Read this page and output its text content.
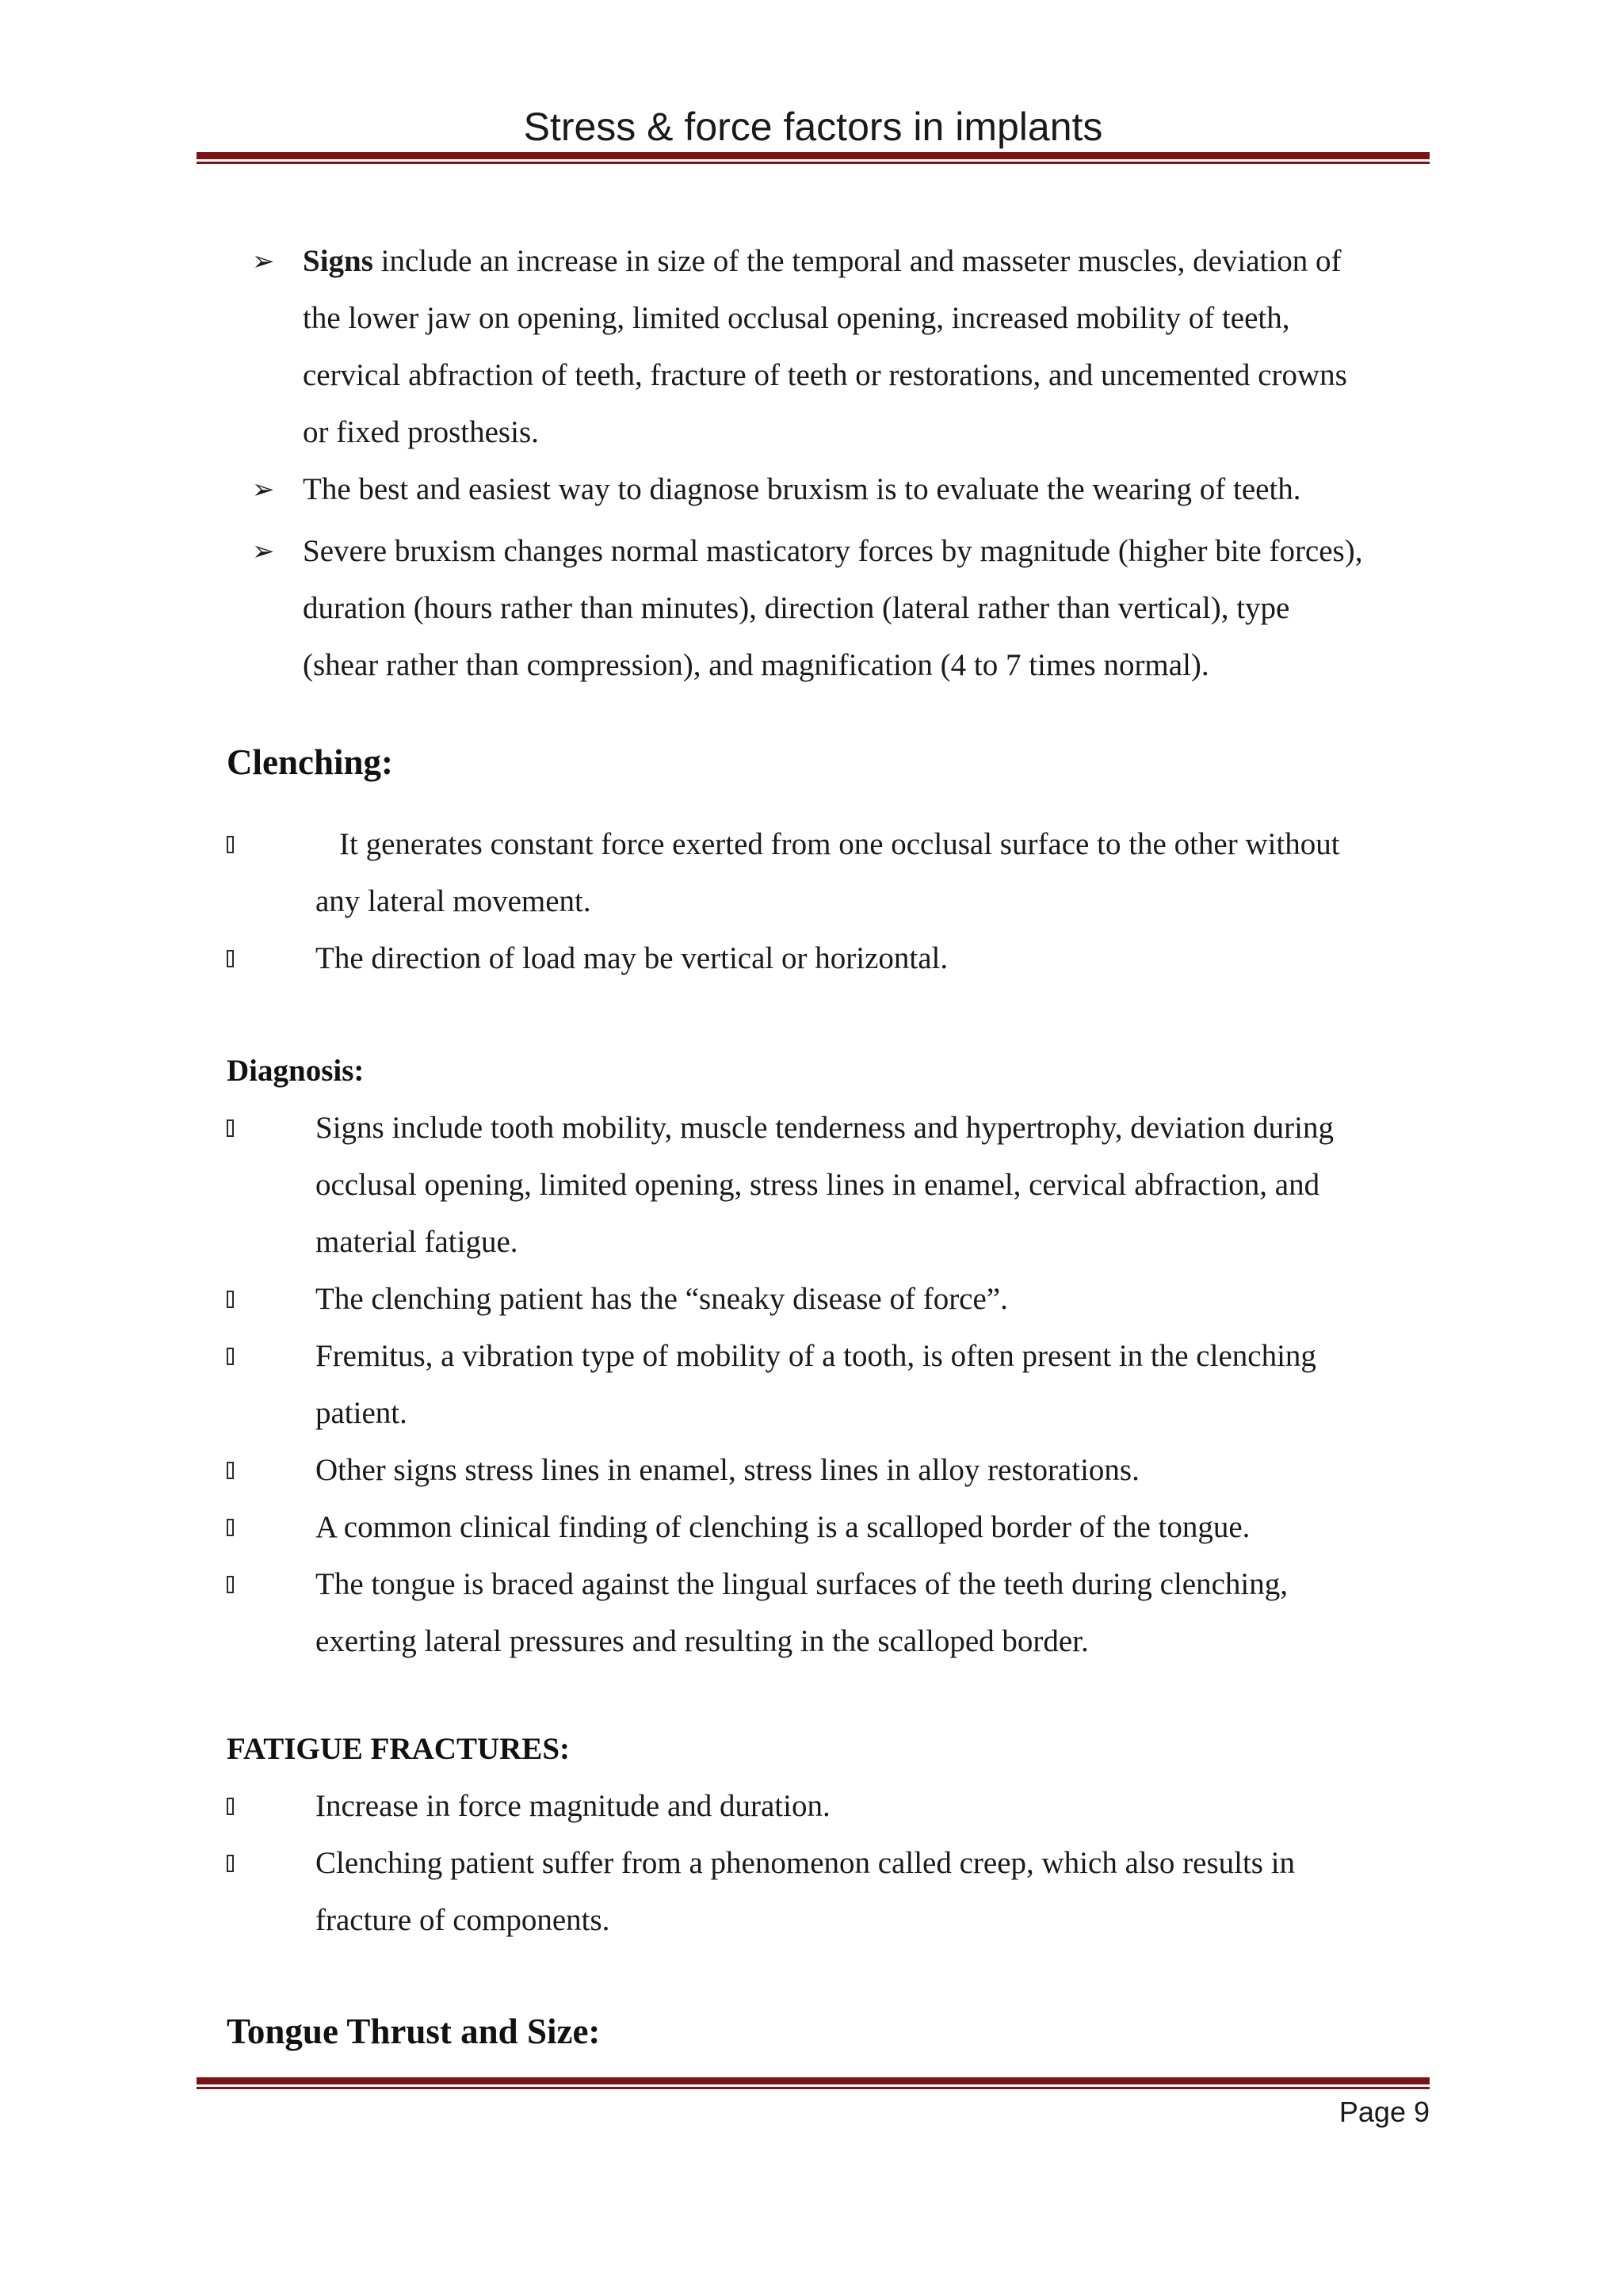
Stress & force factors in implants
➢ Signs include an increase in size of the temporal and masseter muscles, deviation of

the lower jaw on opening, limited occlusal opening, increased mobility of teeth,

cervical abfraction of teeth, fracture of teeth or restorations, and uncemented crowns

or fixed prosthesis.

➢ The best and easiest way to diagnose bruxism is to evaluate the wearing of teeth.

➢ Severe bruxism changes normal masticatory forces by magnitude (higher bite forces),

duration (hours rather than minutes), direction (lateral rather than vertical), type

(shear rather than compression), and magnification (4 to 7 times normal).

Clenching:

It generates constant force exerted from one occlusal surface to the other without

any lateral movement.

The direction of load may be vertical or horizontal.

Diagnosis:

Signs include tooth mobility, muscle tenderness and hypertrophy, deviation during

occlusal opening, limited opening, stress lines in enamel, cervical abfraction, and

material fatigue.

The clenching patient has the “sneaky disease of force”.

Fremitus, a vibration type of mobility of a tooth, is often present in the clenching

patient.

Other signs stress lines in enamel, stress lines in alloy restorations.

A common clinical finding of clenching is a scalloped border of the tongue.

The tongue is braced against the lingual surfaces of the teeth during clenching,

exerting lateral pressures and resulting in the scalloped border.

FATIGUE FRACTURES:

Increase in force magnitude and duration.

Clenching patient suffer from a phenomenon called creep, which also results in

fracture of components.

Tongue Thrust and Size:

Page 9
